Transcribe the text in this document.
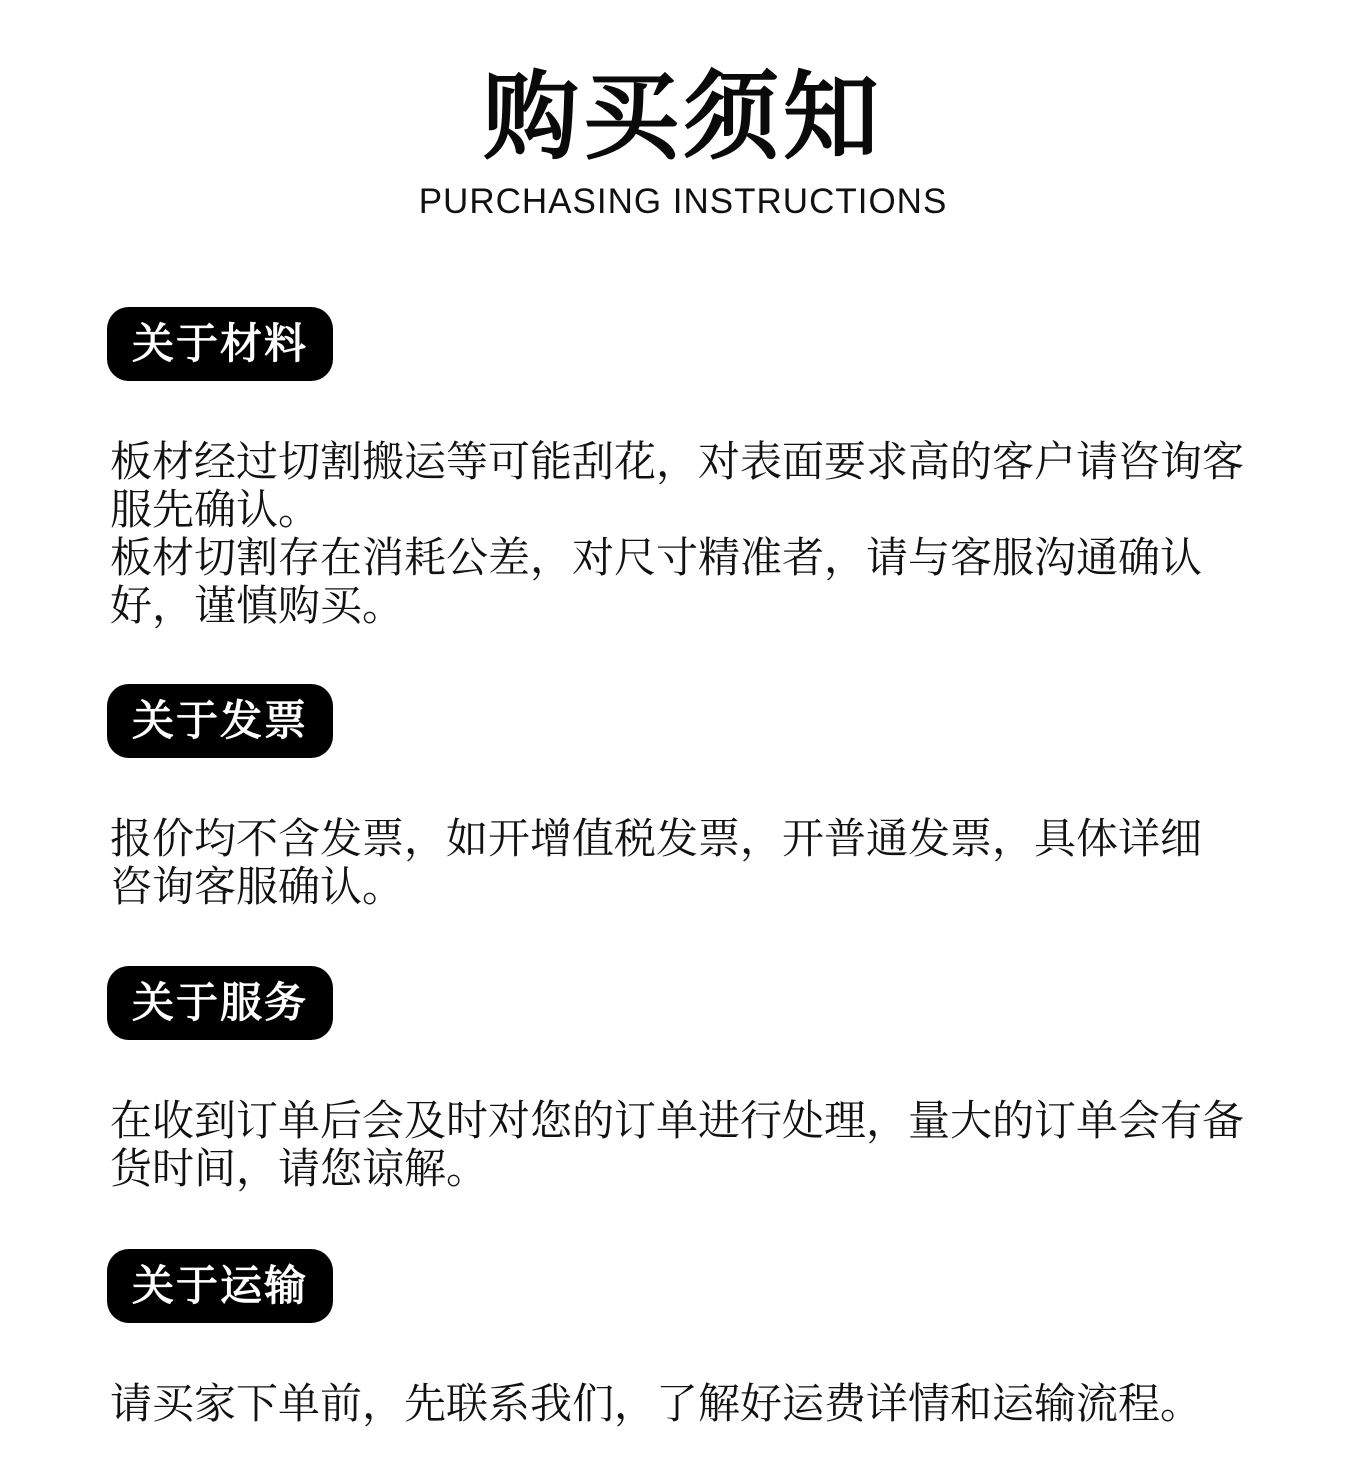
购买须知
PURCHASING INSTRUCTIONS
关于材料

板材经过切割搬运等可能刮花，对表面要求高的客户请咨询客服先确认。

板材切割存在消耗公差，对尺寸精准者，请与客服沟通确认好，谨慎购买。

关于发票

报价均不含发票，如开增值税发票，开普通发票，具体详细咨询客服确认。

关于服务

在收到订单后会及时对您的订单进行处理，量大的订单会有备货时间，请您谅解。

关于运输

请买家下单前，先联系我们，了解好运费详情和运输流程。
